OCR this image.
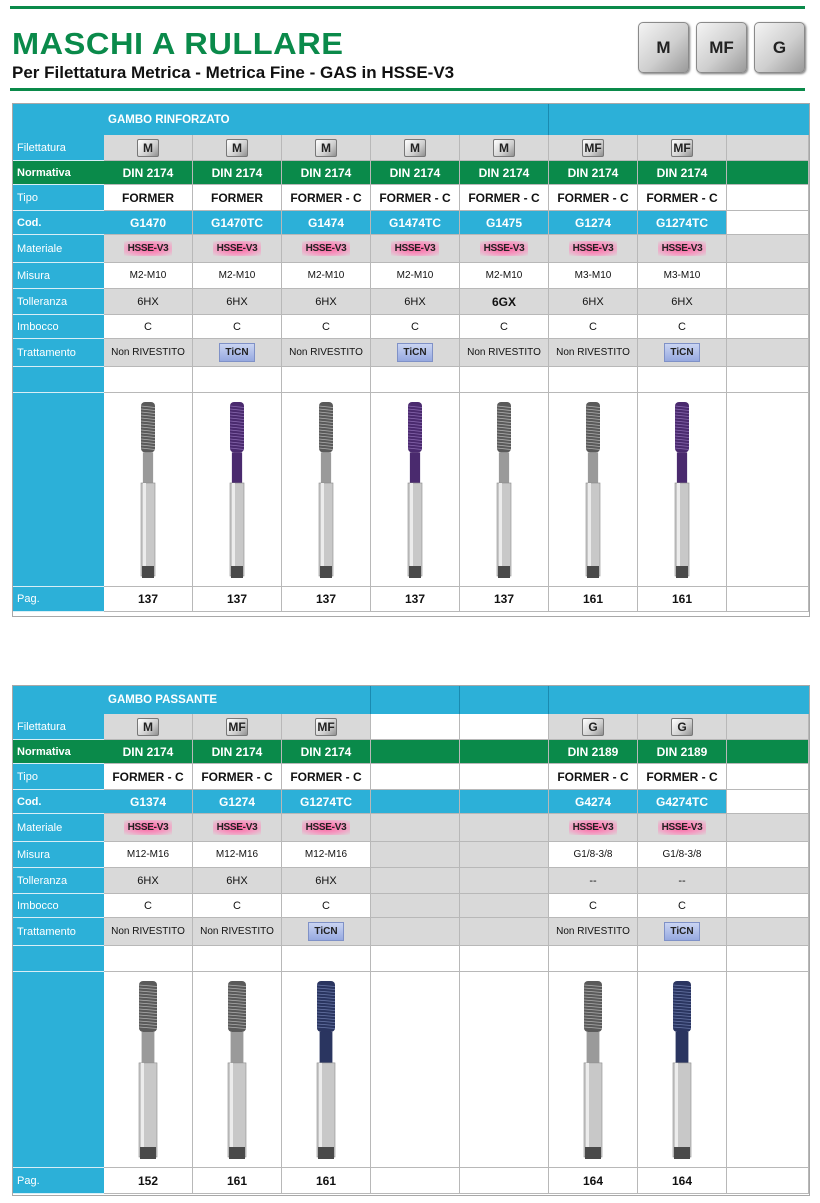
MASCHI A RULLARE
Per Filettatura Metrica - Metrica Fine - GAS in HSSE-V3
M	MF	G
GAMBO RINFORZATO
Filettatura	M	M	M	M	M	MF	MF
Normativa	DIN 2174	DIN 2174	DIN 2174	DIN 2174	DIN 2174	DIN 2174	DIN 2174
Tipo	FORMER	FORMER	FORMER - C	FORMER - C	FORMER - C	FORMER - C	FORMER - C
Cod.	G1470	G1470TC	G1474	G1474TC	G1475	G1274	G1274TC
Materiale	HSSE-V3	HSSE-V3	HSSE-V3	HSSE-V3	HSSE-V3	HSSE-V3	HSSE-V3
Misura	M2-M10	M2-M10	M2-M10	M2-M10	M2-M10	M3-M10	M3-M10
Tolleranza	6HX	6HX	6HX	6HX	6GX	6HX	6HX
Imbocco	C	C	C	C	C	C	C
Trattamento	Non RIVESTITO	TiCN	Non RIVESTITO	TiCN	Non RIVESTITO	Non RIVESTITO	TiCN
Pag.	137	137	137	137	137	161	161
GAMBO PASSANTE
Filettatura	M	MF	MF	G	G
Normativa	DIN 2174	DIN 2174	DIN 2174	DIN 2189	DIN 2189
Tipo	FORMER - C	FORMER - C	FORMER - C	FORMER - C	FORMER - C
Cod.	G1374	G1274	G1274TC	G4274	G4274TC
Materiale	HSSE-V3	HSSE-V3	HSSE-V3	HSSE-V3	HSSE-V3
Misura	M12-M16	M12-M16	M12-M16	G1/8-3/8	G1/8-3/8
Tolleranza	6HX	6HX	6HX	--	--
Imbocco	C	C	C	C	C
Trattamento	Non RIVESTITO	Non RIVESTITO	TiCN	Non RIVESTITO	TiCN
Pag.	152	161	161	164	164
